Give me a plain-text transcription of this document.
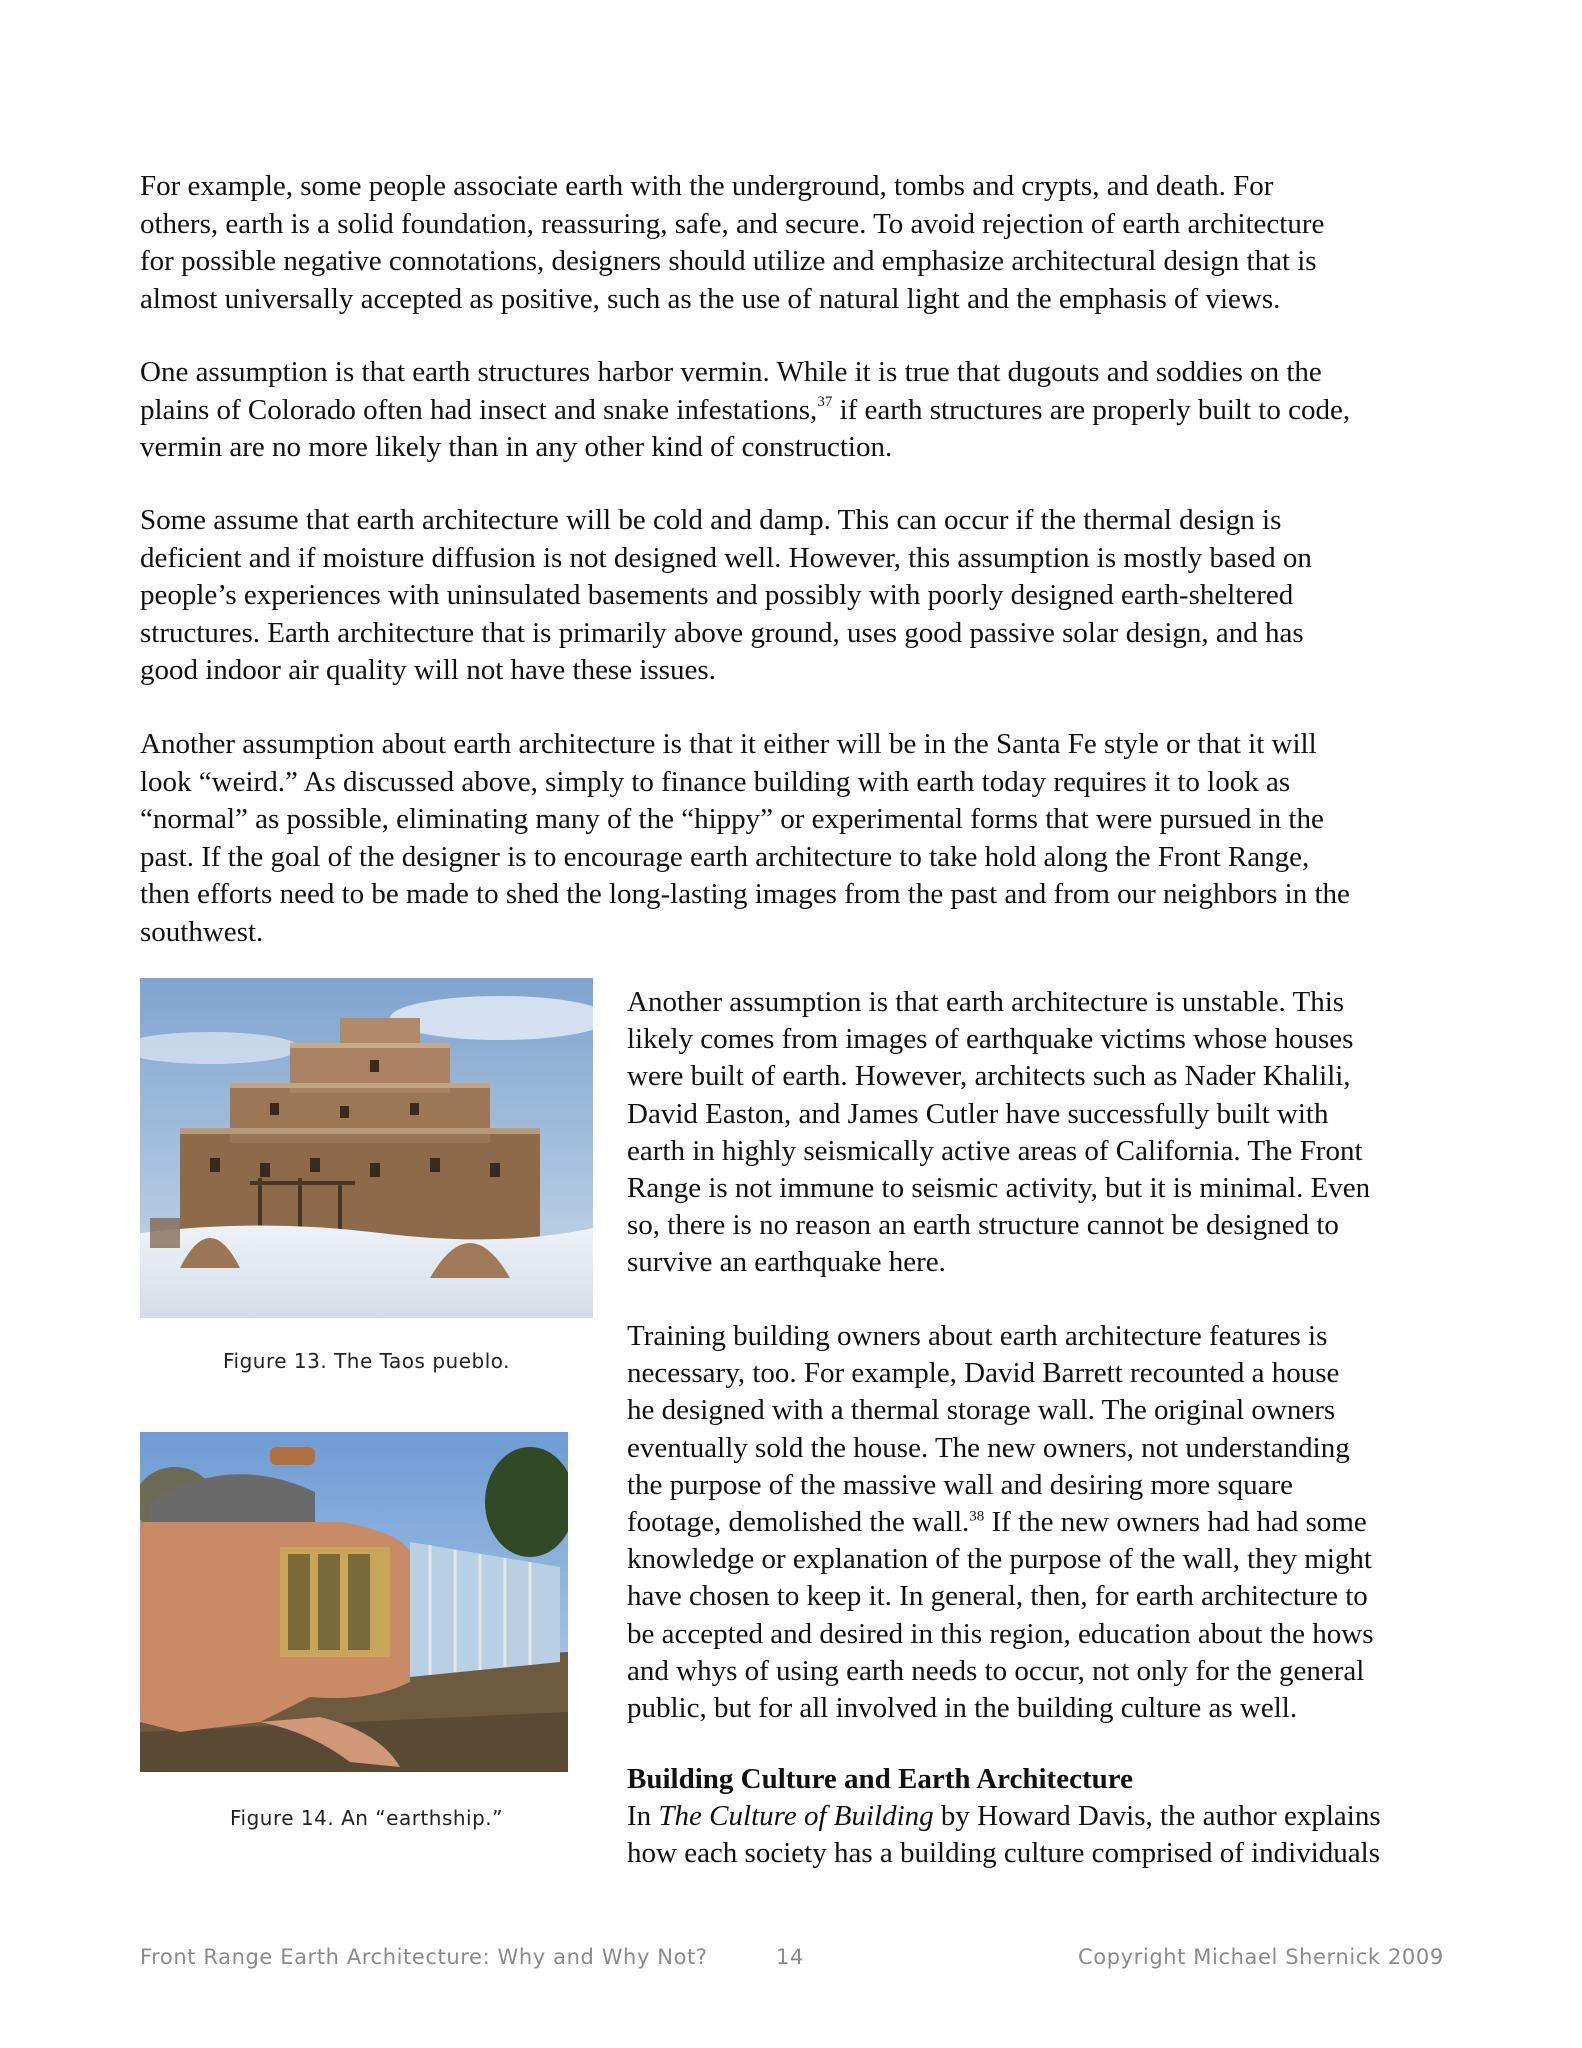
For example, some people associate earth with the underground, tombs and crypts, and death. For
others, earth is a solid foundation, reassuring, safe, and secure. To avoid rejection of earth architecture
for possible negative connotations, designers should utilize and emphasize architectural design that is
almost universally accepted as positive, such as the use of natural light and the emphasis of views.

One assumption is that earth structures harbor vermin. While it is true that dugouts and soddies on the
plains of Colorado often had insect and snake infestations,$^{37}$ if earth structures are properly built to code,
vermin are no more likely than in any other kind of construction.

Some assume that earth architecture will be cold and damp. This can occur if the thermal design is
deficient and if moisture diffusion is not designed well. However, this assumption is mostly based on
people’s experiences with uninsulated basements and possibly with poorly designed earth-sheltered
structures. Earth architecture that is primarily above ground, uses good passive solar design, and has
good indoor air quality will not have these issues.

Another assumption about earth architecture is that it either will be in the Santa Fe style or that it will
look “weird.” As discussed above, simply to finance building with earth today requires it to look as
“normal” as possible, eliminating many of the “hippy” or experimental forms that were pursued in the
past. If the goal of the designer is to encourage earth architecture to take hold along the Front Range,
then efforts need to be made to shed the long-lasting images from the past and from our neighbors in the
southwest.

Figure 13. The Taos pueblo.
Figure 14. An “earthship.”

Another assumption is that earth architecture is unstable. This
likely comes from images of earthquake victims whose houses
were built of earth. However, architects such as Nader Khalili,
David Easton, and James Cutler have successfully built with
earth in highly seismically active areas of California. The Front
Range is not immune to seismic activity, but it is minimal. Even
so, there is no reason an earth structure cannot be designed to
survive an earthquake here.

Training building owners about earth architecture features is
necessary, too. For example, David Barrett recounted a house
he designed with a thermal storage wall. The original owners
eventually sold the house. The new owners, not understanding
the purpose of the massive wall and desiring more square
footage, demolished the wall.$^{38}$ If the new owners had had some
knowledge or explanation of the purpose of the wall, they might
have chosen to keep it. In general, then, for earth architecture to
be accepted and desired in this region, education about the hows
and whys of using earth needs to occur, not only for the general
public, but for all involved in the building culture as well.

Building Culture and Earth Architecture
In The Culture of Building by Howard Davis, the author explains
how each society has a building culture comprised of individuals

Front Range Earth Architecture: Why and Why Not?	14	Copyright Michael Shernick 2009
